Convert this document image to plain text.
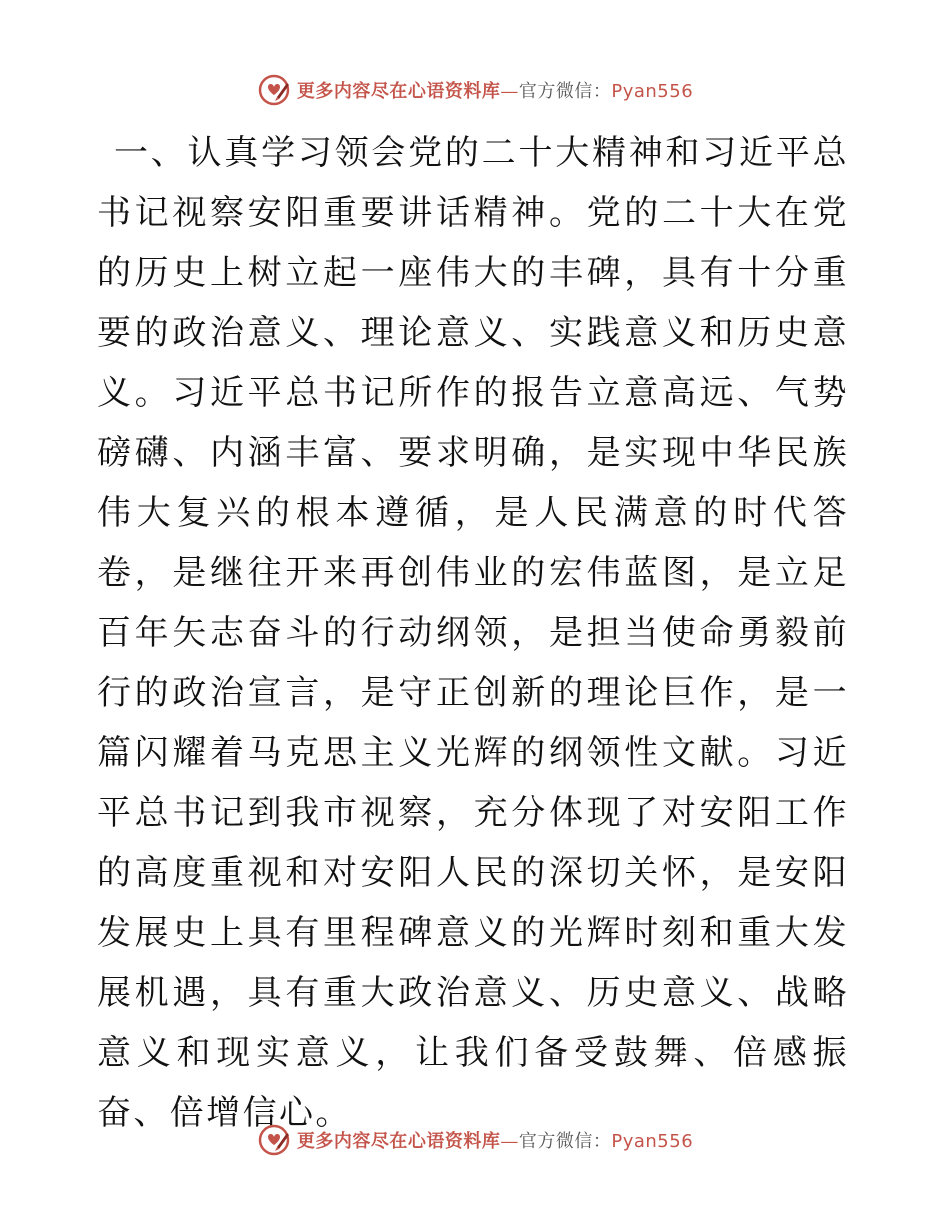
更多内容尽在心语资料库—官方微信：Pyan556

一、认真学习领会党的二十大精神和习近平总书记视察安阳重要讲话精神。党的二十大在党的历史上树立起一座伟大的丰碑，具有十分重要的政治意义、理论意义、实践意义和历史意义。习近平总书记所作的报告立意高远、气势磅礴、内涵丰富、要求明确，是实现中华民族伟大复兴的根本遵循，是人民满意的时代答卷，是继往开来再创伟业的宏伟蓝图，是立足百年矢志奋斗的行动纲领，是担当使命勇毅前行的政治宣言，是守正创新的理论巨作，是一篇闪耀着马克思主义光辉的纲领性文献。习近平总书记到我市视察，充分体现了对安阳工作的高度重视和对安阳人民的深切关怀，是安阳发展史上具有里程碑意义的光辉时刻和重大发展机遇，具有重大政治意义、历史意义、战略意义和现实意义，让我们备受鼓舞、倍感振奋、倍增信心。

更多内容尽在心语资料库—官方微信：Pyan556
